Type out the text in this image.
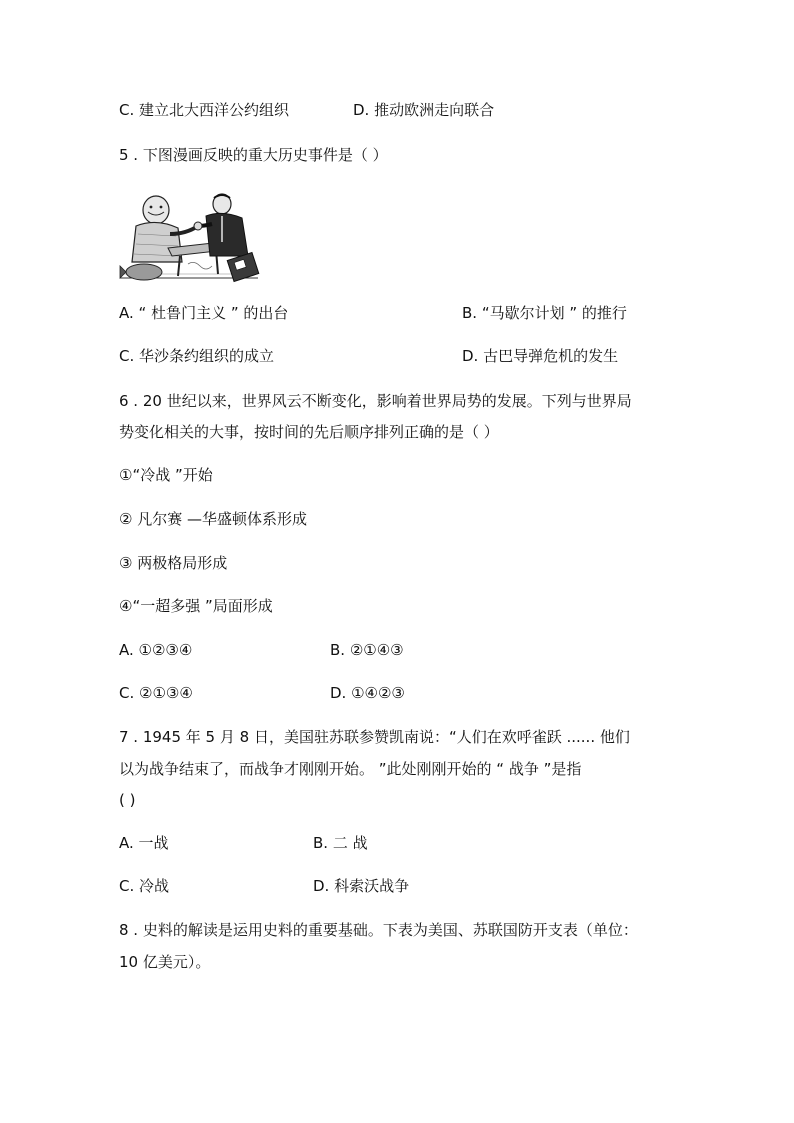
C. 建立北大西洋公约组织	D. 推动欧洲走向联合
5 . 下图漫画反映的重大历史事件是（ ）
A. “ 杜鲁门主义 ” 的出台	B. “马歇尔计划 ” 的推行
C. 华沙条约组织的成立	D. 古巴导弹危机的发生
6 . 20 世纪以来，世界风云不断变化，影响着世界局势的发展。下列与世界局
势变化相关的大事，按时间的先后顺序排列正确的是（ ）
①“冷战 ”开始
② 凡尔赛 —华盛顿体系形成
③ 两极格局形成
④“一超多强 ”局面形成
A. ①②③④	B. ②①④③
C. ②①③④	D. ①④②③
7 . 1945 年 5 月 8 日，美国驻苏联参赞凯南说：“人们在欢呼雀跃 ...... 他们
以为战争结束了，而战争才刚刚开始。 ”此处刚刚开始的 “ 战争 ”是指
( )
A. 一战	B. 二 战
C. 冷战	D. 科索沃战争
8 . 史料的解读是运用史料的重要基础。下表为美国、苏联国防开支表（单位：
10 亿美元）。
